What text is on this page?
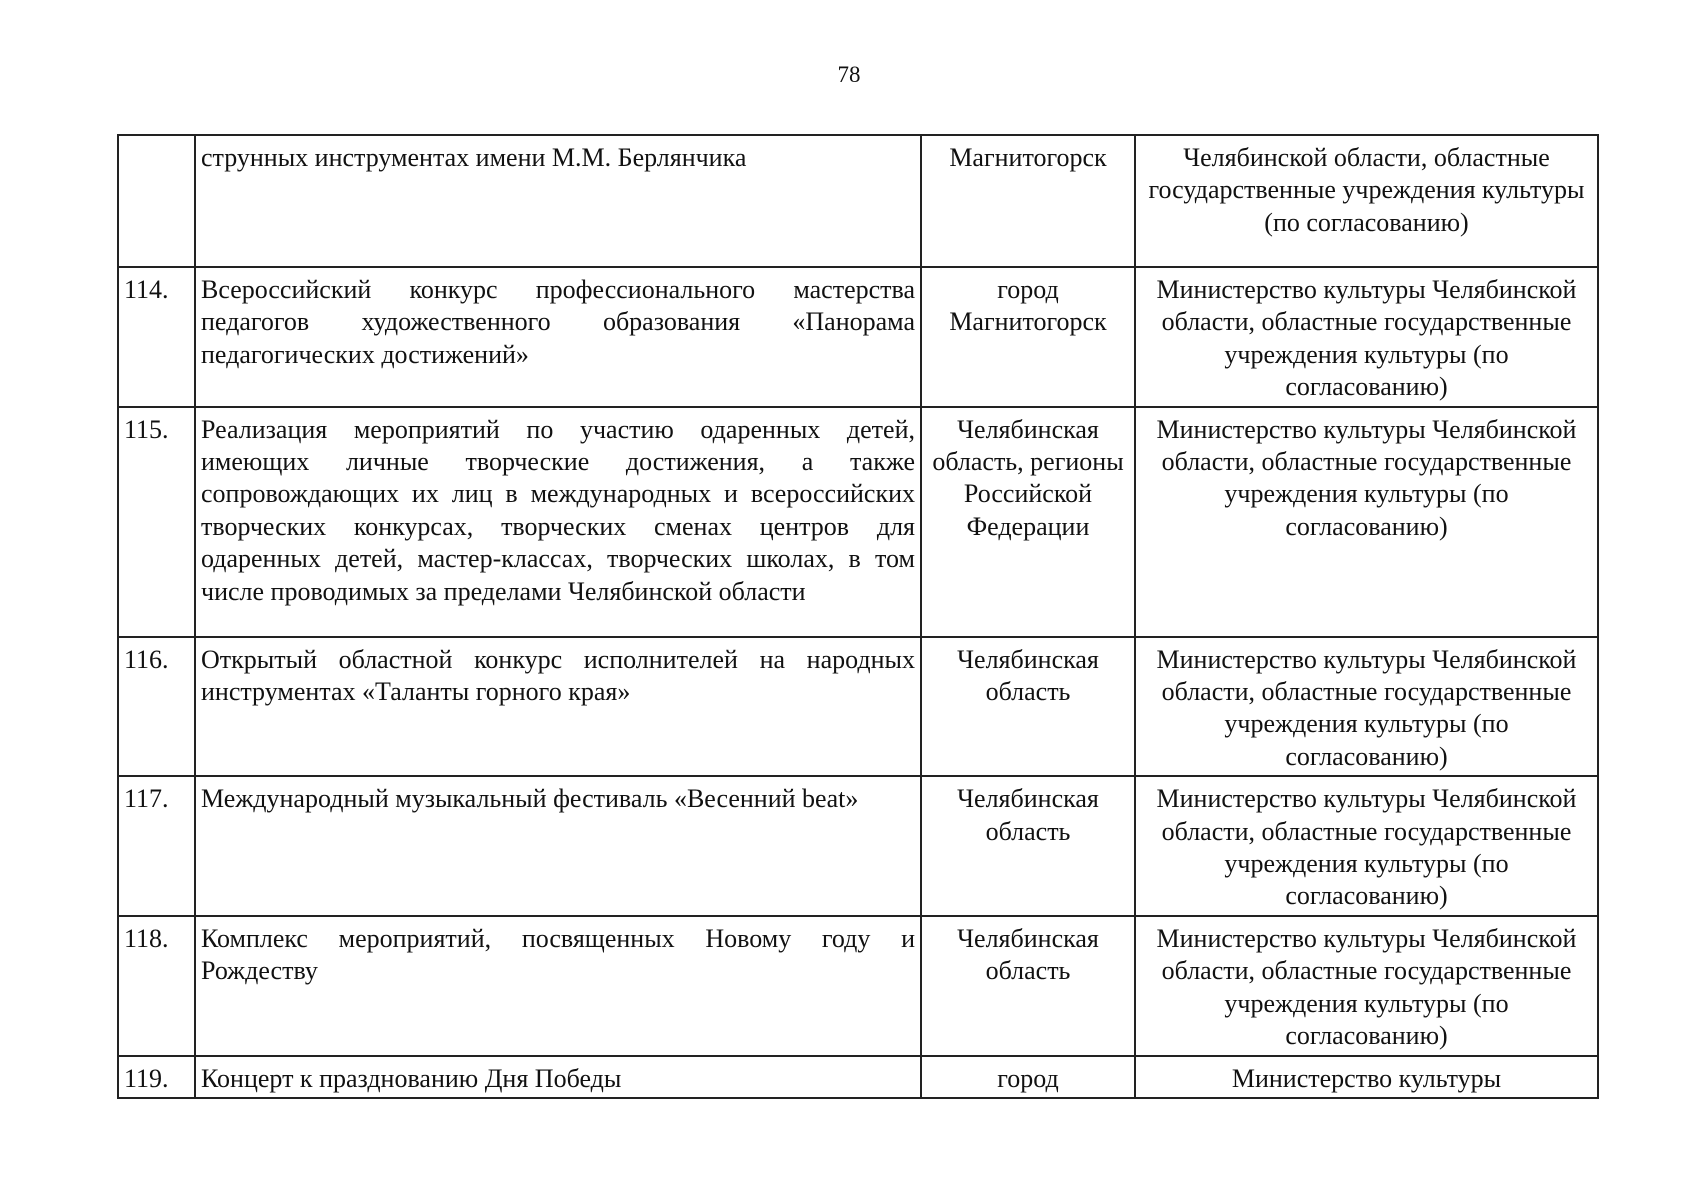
78
	струнных инструментах имени М.М. Берлянчика	Магнитогорск	Челябинской области, областные государственные учреждения культуры (по согласованию)
114.	Всероссийский конкурс профессионального мастерства педагогов художественного образования «Панорама педагогических достижений»	город Магнитогорск	Министерство культуры Челябинской области, областные государственные учреждения культуры (по согласованию)
115.	Реализация мероприятий по участию одаренных детей, имеющих личные творческие достижения, а также сопровождающих их лиц в международных и всероссийских творческих конкурсах, творческих сменах центров для одаренных детей, мастер-классах, творческих школах, в том числе проводимых за пределами Челябинской области	Челябинская область, регионы Российской Федерации	Министерство культуры Челябинской области, областные государственные учреждения культуры (по согласованию)
116.	Открытый областной конкурс исполнителей на народных инструментах «Таланты горного края»	Челябинская область	Министерство культуры Челябинской области, областные государственные учреждения культуры (по согласованию)
117.	Международный музыкальный фестиваль «Весенний beat»	Челябинская область	Министерство культуры Челябинской области, областные государственные учреждения культуры (по согласованию)
118.	Комплекс мероприятий, посвященных Новому году и Рождеству	Челябинская область	Министерство культуры Челябинской области, областные государственные учреждения культуры (по согласованию)
119.	Концерт к празднованию Дня Победы	город	Министерство культуры
